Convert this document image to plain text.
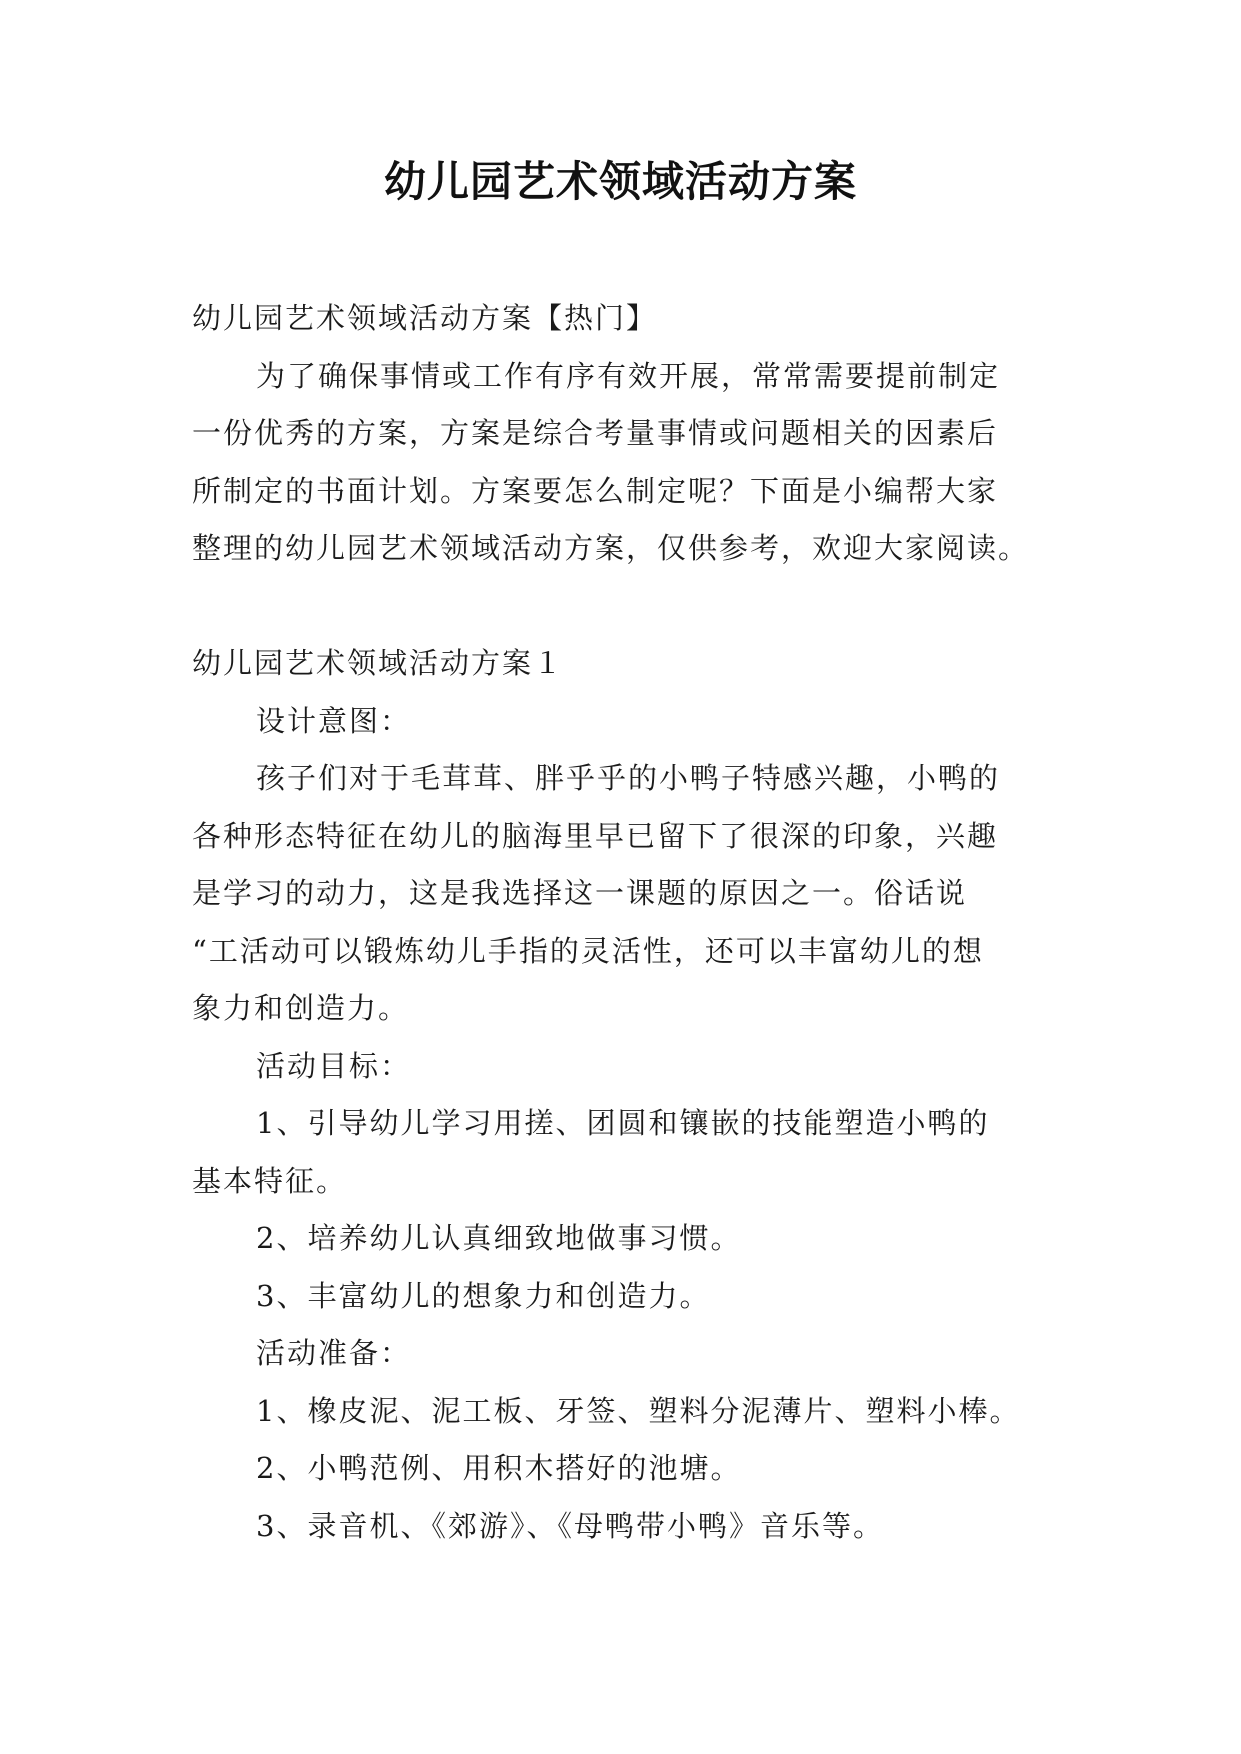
幼儿园艺术领域活动方案
幼儿园艺术领域活动方案【热门】
为了确保事情或工作有序有效开展，常常需要提前制定
一份优秀的方案，方案是综合考量事情或问题相关的因素后
所制定的书面计划。方案要怎么制定呢？下面是小编帮大家
整理的幼儿园艺术领域活动方案，仅供参考，欢迎大家阅读。
幼儿园艺术领域活动方案１
设计意图：
孩子们对于毛茸茸、胖乎乎的小鸭子特感兴趣，小鸭的
各种形态特征在幼儿的脑海里早已留下了很深的印象，兴趣
是学习的动力，这是我选择这一课题的原因之一。俗话说
“工活动可以锻炼幼儿手指的灵活性，还可以丰富幼儿的想
象力和创造力。
活动目标：
1、引导幼儿学习用搓、团圆和镶嵌的技能塑造小鸭的
基本特征。
2、培养幼儿认真细致地做事习惯。
3、丰富幼儿的想象力和创造力。
活动准备：
1、橡皮泥、泥工板、牙签、塑料分泥薄片、塑料小棒。
2、小鸭范例、用积木搭好的池塘。
3、录音机、《郊游》、《母鸭带小鸭》音乐等。
